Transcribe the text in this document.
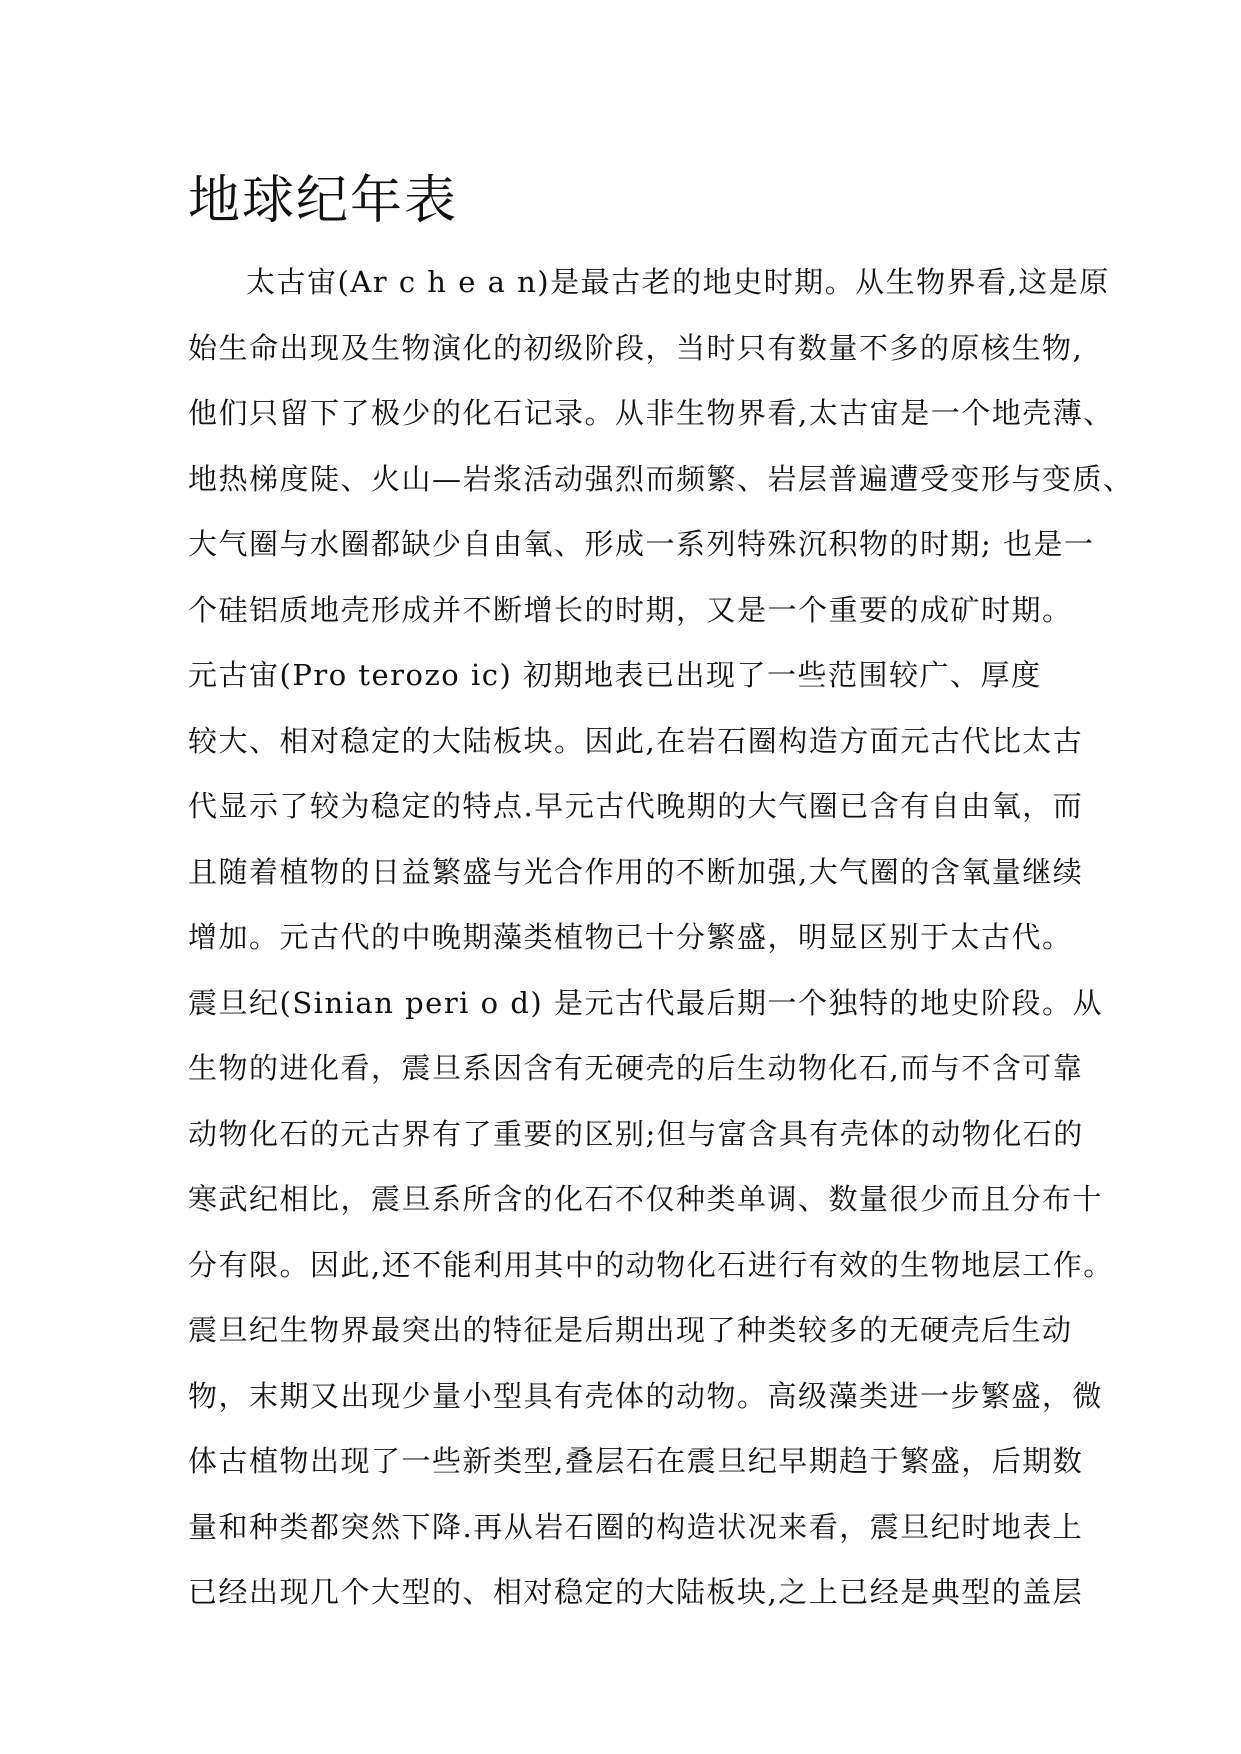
地球纪年表
太古宙(Ar c h e a n)是最古老的地史时期。从生物界看,这是原
始生命出现及生物演化的初级阶段，当时只有数量不多的原核生物,
他们只留下了极少的化石记录。从非生物界看,太古宙是一个地壳薄、
地热梯度陡、火山—岩浆活动强烈而频繁、岩层普遍遭受变形与变质、
大气圈与水圈都缺少自由氧、形成一系列特殊沉积物的时期; 也是一
个硅铝质地壳形成并不断增长的时期，又是一个重要的成矿时期。
元古宙(Pro terozo ic) 初期地表已出现了一些范围较广、厚度
较大、相对稳定的大陆板块。因此,在岩石圈构造方面元古代比太古
代显示了较为稳定的特点.早元古代晚期的大气圈已含有自由氧，而
且随着植物的日益繁盛与光合作用的不断加强,大气圈的含氧量继续
增加。元古代的中晚期藻类植物已十分繁盛，明显区别于太古代。
震旦纪(Sinian peri o d) 是元古代最后期一个独特的地史阶段。从
生物的进化看，震旦系因含有无硬壳的后生动物化石,而与不含可靠
动物化石的元古界有了重要的区别;但与富含具有壳体的动物化石的
寒武纪相比，震旦系所含的化石不仅种类单调、数量很少而且分布十
分有限。因此,还不能利用其中的动物化石进行有效的生物地层工作。
震旦纪生物界最突出的特征是后期出现了种类较多的无硬壳后生动
物，末期又出现少量小型具有壳体的动物。高级藻类进一步繁盛，微
体古植物出现了一些新类型,叠层石在震旦纪早期趋于繁盛，后期数
量和种类都突然下降.再从岩石圈的构造状况来看，震旦纪时地表上
已经出现几个大型的、相对稳定的大陆板块,之上已经是典型的盖层
